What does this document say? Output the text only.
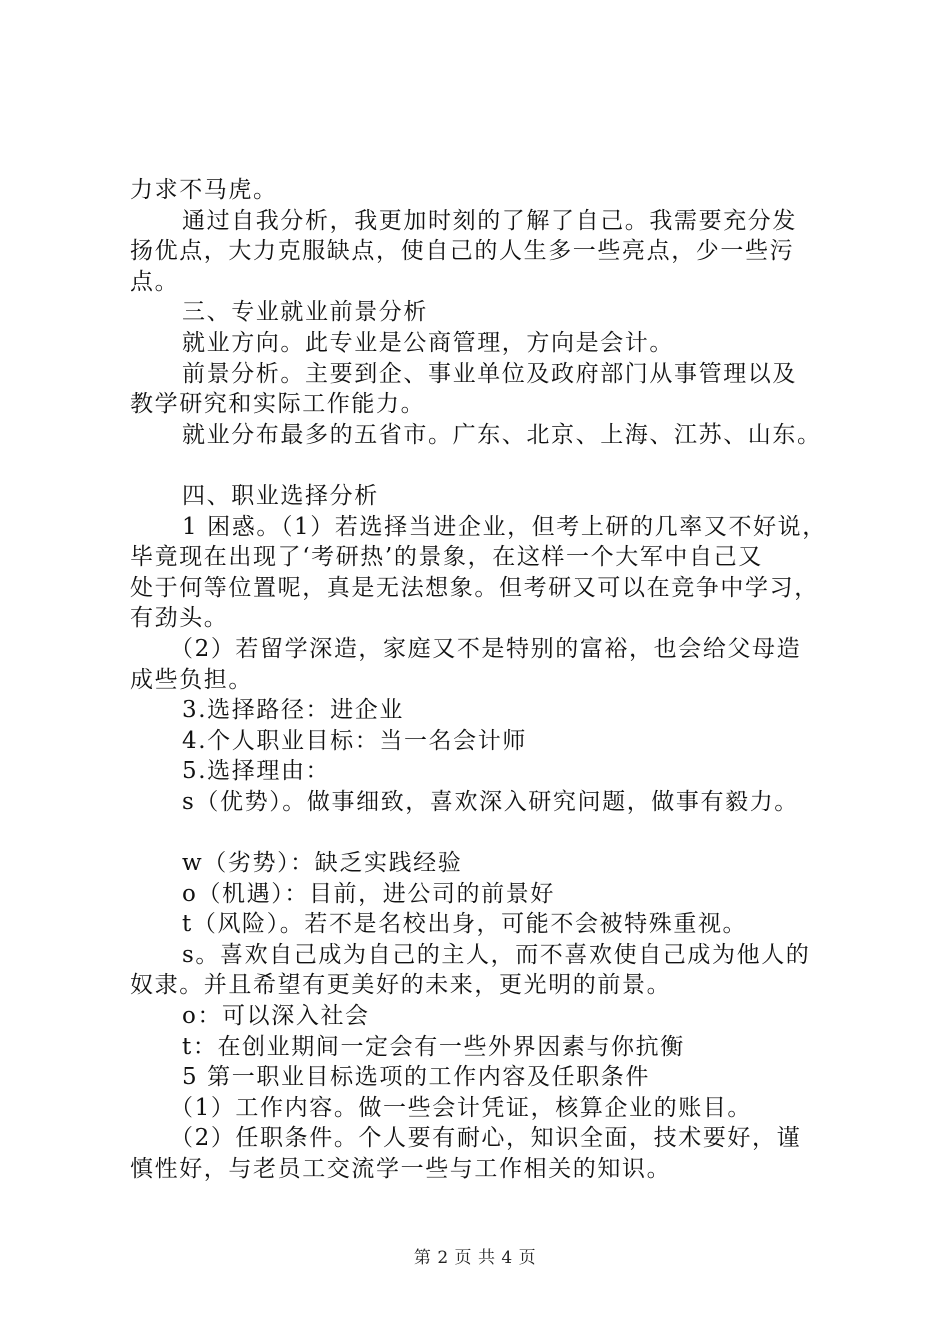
力求不马虎。

通过自我分析，我更加时刻的了解了自己。我需要充分发

扬优点，大力克服缺点，使自己的人生多一些亮点，少一些污

点。

三、专业就业前景分析

就业方向。此专业是公商管理，方向是会计。

前景分析。主要到企、事业单位及政府部门从事管理以及

教学研究和实际工作能力。

就业分布最多的五省市。广东、北京、上海、江苏、山东。

四、职业选择分析

1 困惑。（1）若选择当进企业，但考上研的几率又不好说，

毕竟现在出现了‘考研热’的景象，在这样一个大军中自己又

处于何等位置呢，真是无法想象。但考研又可以在竞争中学习，

有劲头。

（2）若留学深造，家庭又不是特别的富裕，也会给父母造

成些负担。

3.选择路径：进企业

4.个人职业目标：当一名会计师

5.选择理由：

s（优势）。做事细致，喜欢深入研究问题，做事有毅力。

w（劣势）：缺乏实践经验

o（机遇）：目前，进公司的前景好

t（风险）。若不是名校出身，可能不会被特殊重视。

s。喜欢自己成为自己的主人，而不喜欢使自己成为他人的

奴隶。并且希望有更美好的未来，更光明的前景。

o：可以深入社会

t：在创业期间一定会有一些外界因素与你抗衡

5 第一职业目标选项的工作内容及任职条件

（1）工作内容。做一些会计凭证，核算企业的账目。

（2）任职条件。个人要有耐心，知识全面，技术要好，谨

慎性好，与老员工交流学一些与工作相关的知识。

第 2 页 共 4 页
